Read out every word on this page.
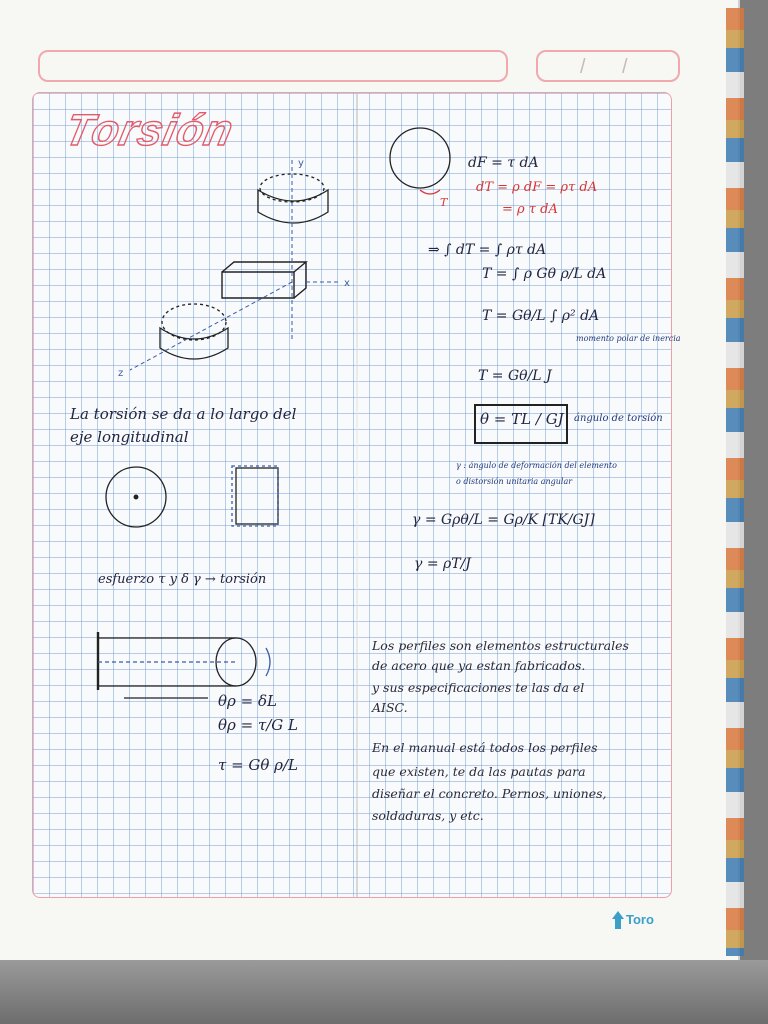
/ /
Torsión
x
y
z
T
La torsión se da a lo largo del
eje longitudinal
esfuerzo τ y δ γ → torsión
θρ = δL
θρ = τ/G L
τ = Gθ ρ/L
dF = τ dA
dT = ρ dF = ρτ dA
= ρ τ dA
⇒ ∫ dT = ∫ ρτ dA
T = ∫ ρ Gθ ρ/L dA
T = Gθ/L ∫ ρ² dA
momento polar de inercia
T = Gθ/L J
θ = TL / GJ ángulo de torsión
γ : ángulo de deformación del elemento
o distorsión unitaria angular
γ = Gρθ/L = Gρ/K [TK/GJ]
γ = ρT/J
Los perfiles son elementos estructurales
de acero que ya estan fabricados.
y sus especificaciones te las da el
AISC.
En el manual está todos los perfiles
que existen, te da las pautas para
diseñar el concreto. Pernos, uniones,
soldaduras, y etc.
Toro
